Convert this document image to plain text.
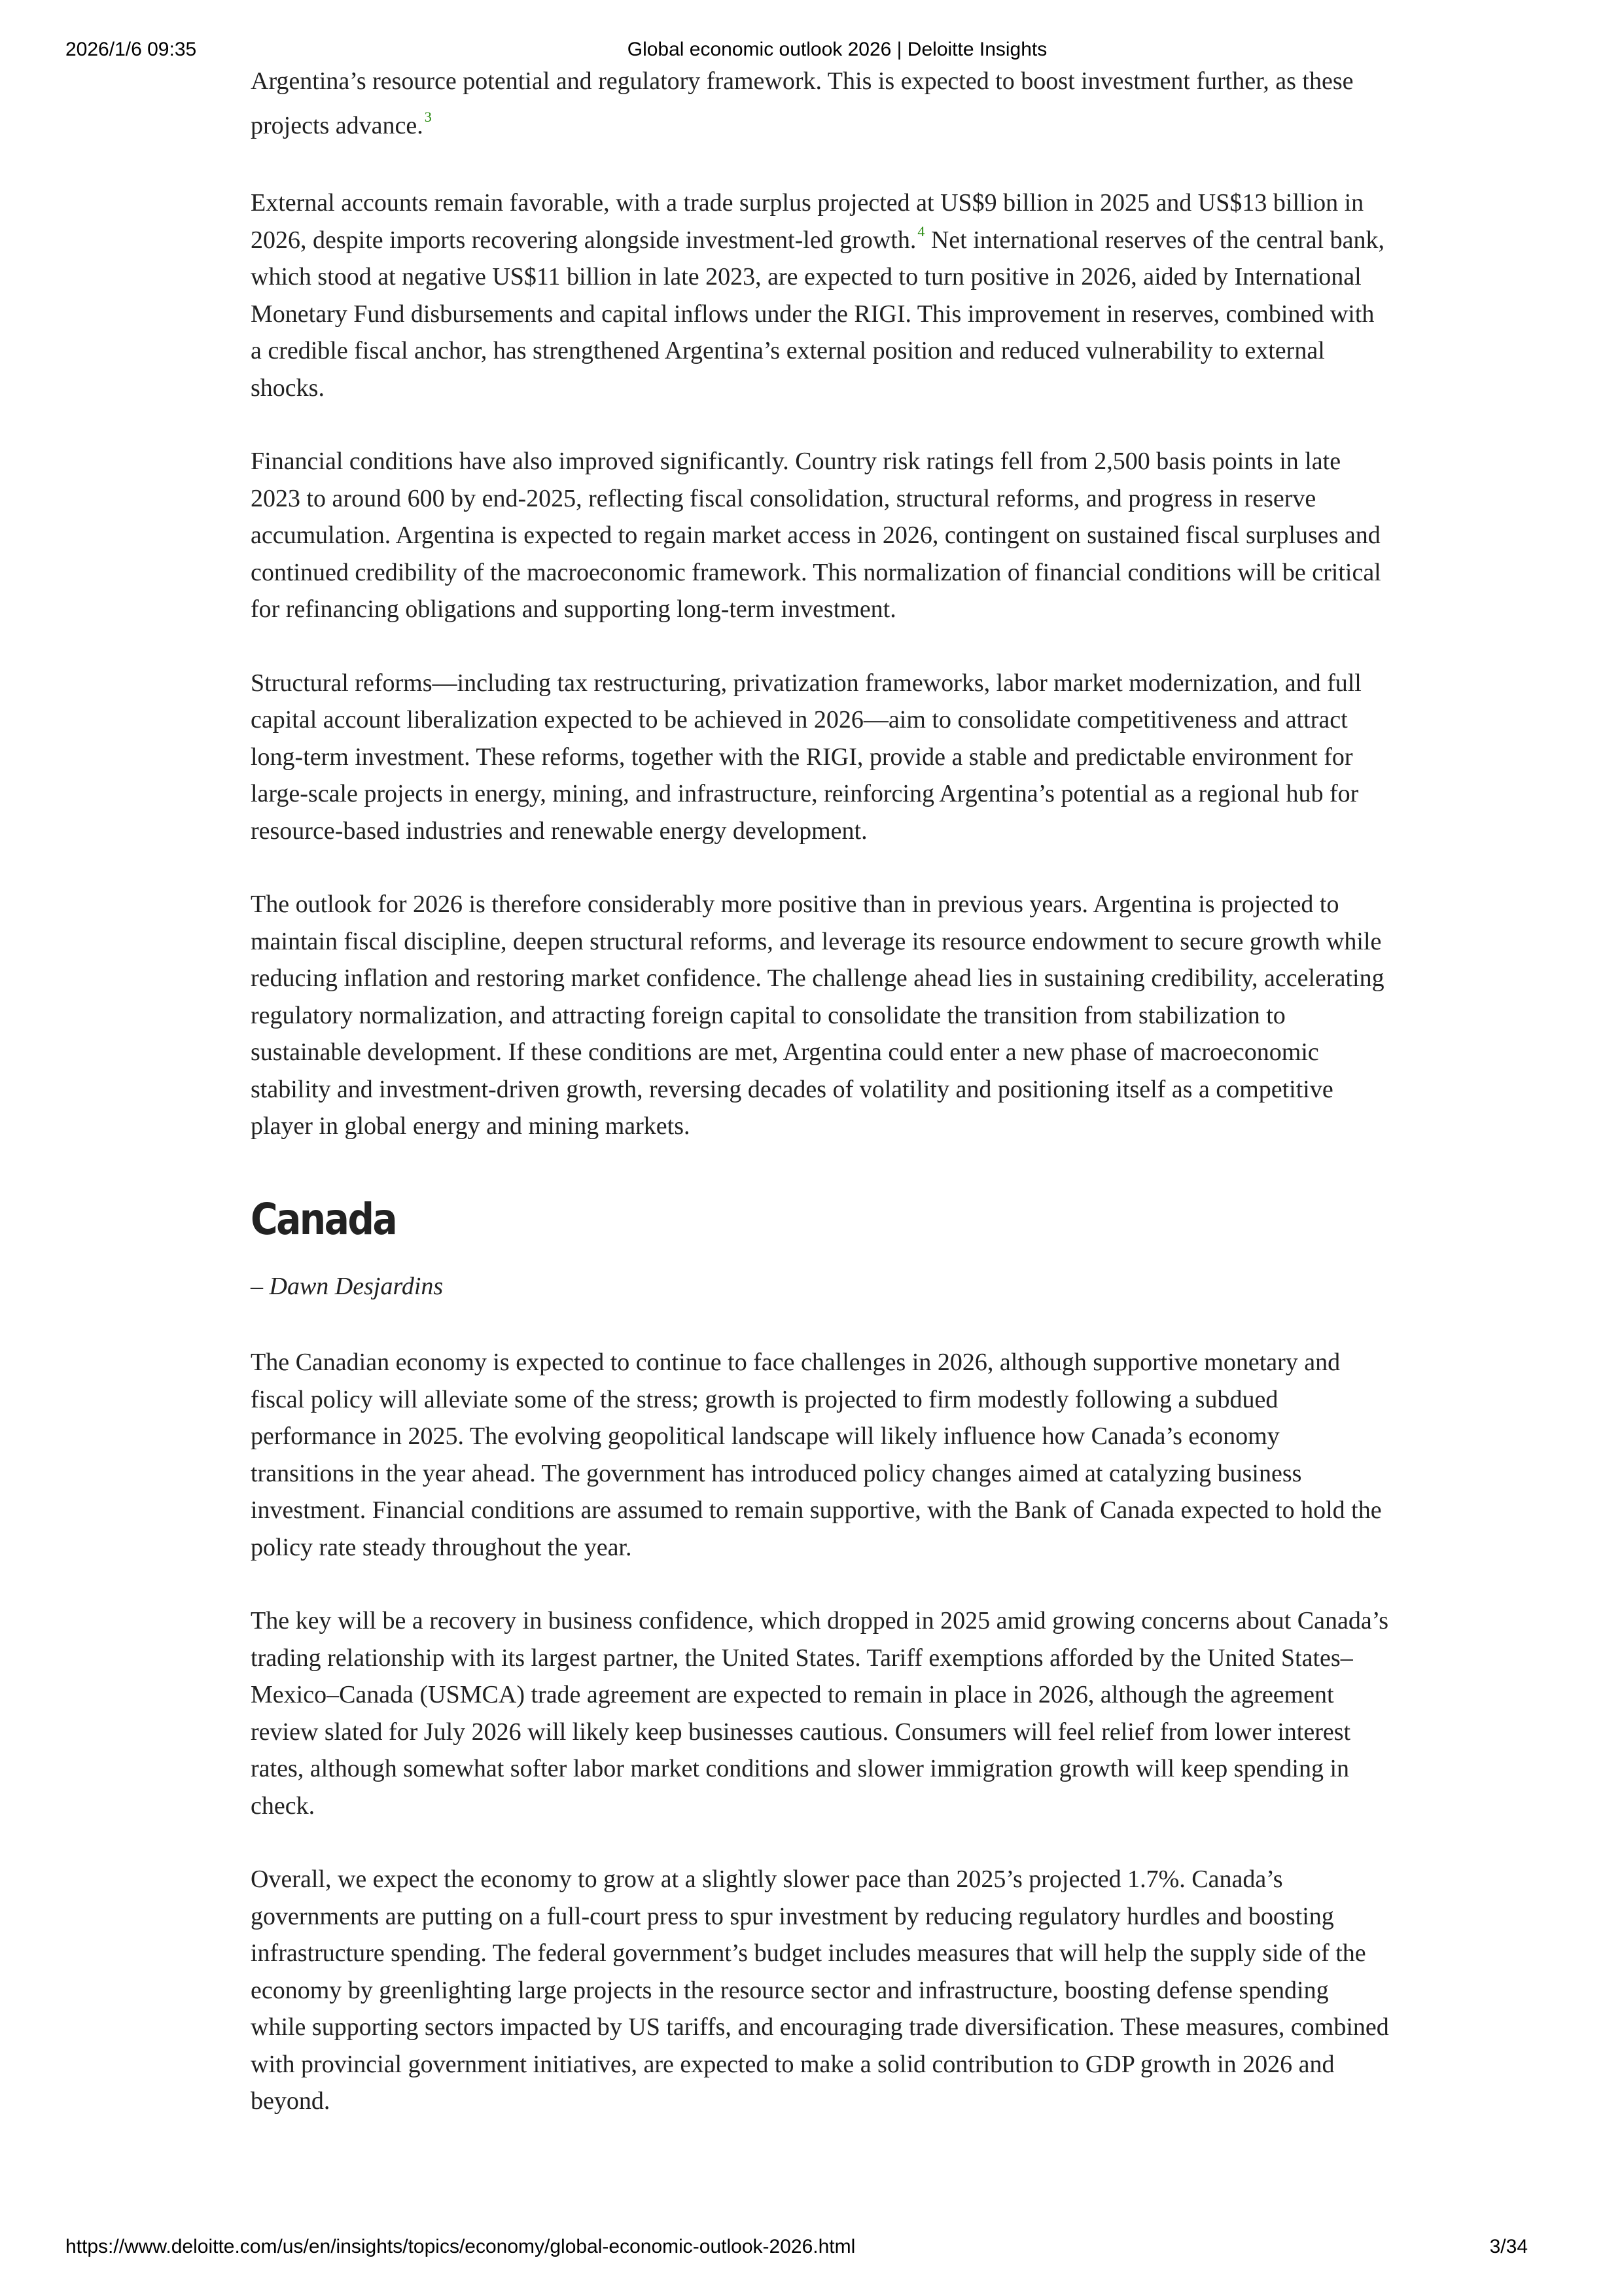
2026/1/6 09:35	Global economic outlook 2026 | Deloitte Insights

Argentina’s resource potential and regulatory framework. This is expected to boost investment further, as these projects advance.$^3$

External accounts remain favorable, with a trade surplus projected at US$9 billion in 2025 and US$13 billion in 2026, despite imports recovering alongside investment-led growth.$^4$ Net international reserves of the central bank, which stood at negative US$11 billion in late 2023, are expected to turn positive in 2026, aided by International Monetary Fund disbursements and capital inflows under the RIGI. This improvement in reserves, combined with a credible fiscal anchor, has strengthened Argentina’s external position and reduced vulnerability to external shocks.

Financial conditions have also improved significantly. Country risk ratings fell from 2,500 basis points in late 2023 to around 600 by end-2025, reflecting fiscal consolidation, structural reforms, and progress in reserve accumulation. Argentina is expected to regain market access in 2026, contingent on sustained fiscal surpluses and continued credibility of the macroeconomic framework. This normalization of financial conditions will be critical for refinancing obligations and supporting long-term investment.

Structural reforms—including tax restructuring, privatization frameworks, labor market modernization, and full capital account liberalization expected to be achieved in 2026—aim to consolidate competitiveness and attract long-term investment. These reforms, together with the RIGI, provide a stable and predictable environment for large-scale projects in energy, mining, and infrastructure, reinforcing Argentina’s potential as a regional hub for resource-based industries and renewable energy development.

The outlook for 2026 is therefore considerably more positive than in previous years. Argentina is projected to maintain fiscal discipline, deepen structural reforms, and leverage its resource endowment to secure growth while reducing inflation and restoring market confidence. The challenge ahead lies in sustaining credibility, accelerating regulatory normalization, and attracting foreign capital to consolidate the transition from stabilization to sustainable development. If these conditions are met, Argentina could enter a new phase of macroeconomic stability and investment-driven growth, reversing decades of volatility and positioning itself as a competitive player in global energy and mining markets.

Canada

– Dawn Desjardins

The Canadian economy is expected to continue to face challenges in 2026, although supportive monetary and fiscal policy will alleviate some of the stress; growth is projected to firm modestly following a subdued performance in 2025. The evolving geopolitical landscape will likely influence how Canada’s economy transitions in the year ahead. The government has introduced policy changes aimed at catalyzing business investment. Financial conditions are assumed to remain supportive, with the Bank of Canada expected to hold the policy rate steady throughout the year.

The key will be a recovery in business confidence, which dropped in 2025 amid growing concerns about Canada’s trading relationship with its largest partner, the United States. Tariff exemptions afforded by the United States–Mexico–Canada (USMCA) trade agreement are expected to remain in place in 2026, although the agreement review slated for July 2026 will likely keep businesses cautious. Consumers will feel relief from lower interest rates, although somewhat softer labor market conditions and slower immigration growth will keep spending in check.

Overall, we expect the economy to grow at a slightly slower pace than 2025’s projected 1.7%. Canada’s governments are putting on a full-court press to spur investment by reducing regulatory hurdles and boosting infrastructure spending. The federal government’s budget includes measures that will help the supply side of the economy by greenlighting large projects in the resource sector and infrastructure, boosting defense spending while supporting sectors impacted by US tariffs, and encouraging trade diversification. These measures, combined with provincial government initiatives, are expected to make a solid contribution to GDP growth in 2026 and beyond.

https://www.deloitte.com/us/en/insights/topics/economy/global-economic-outlook-2026.html	3/34
